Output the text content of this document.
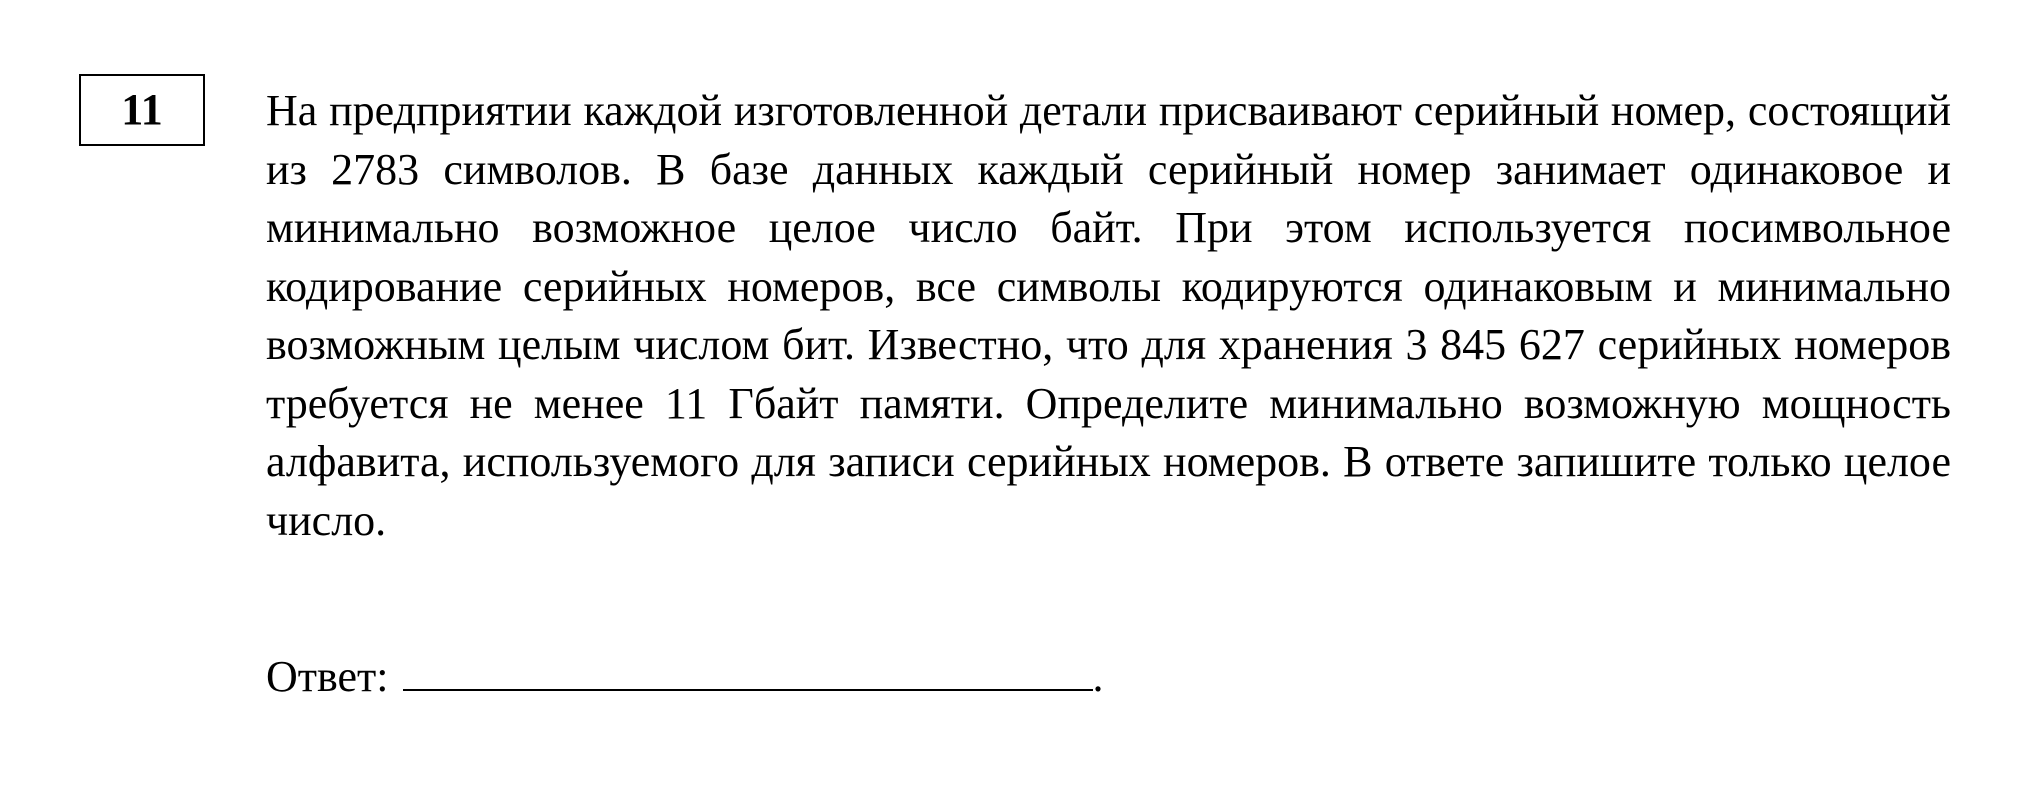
11 На предприятии каждой изготовленной детали присваивают серийный номер, состоящий из 2783 символов. В базе данных каждый серийный номер занимает одинаковое и минимально возможное целое число байт. При этом используется посимвольное кодирование серийных номеров, все символы кодируются одинаковым и минимально возможным целым числом бит. Известно, что для хранения 3 845 627 серийных номеров требуется не менее 11 Гбайт памяти. Определите минимально возможную мощность алфавита, используемого для записи серийных номеров. В ответе запишите только целое число.

Ответ:	.
